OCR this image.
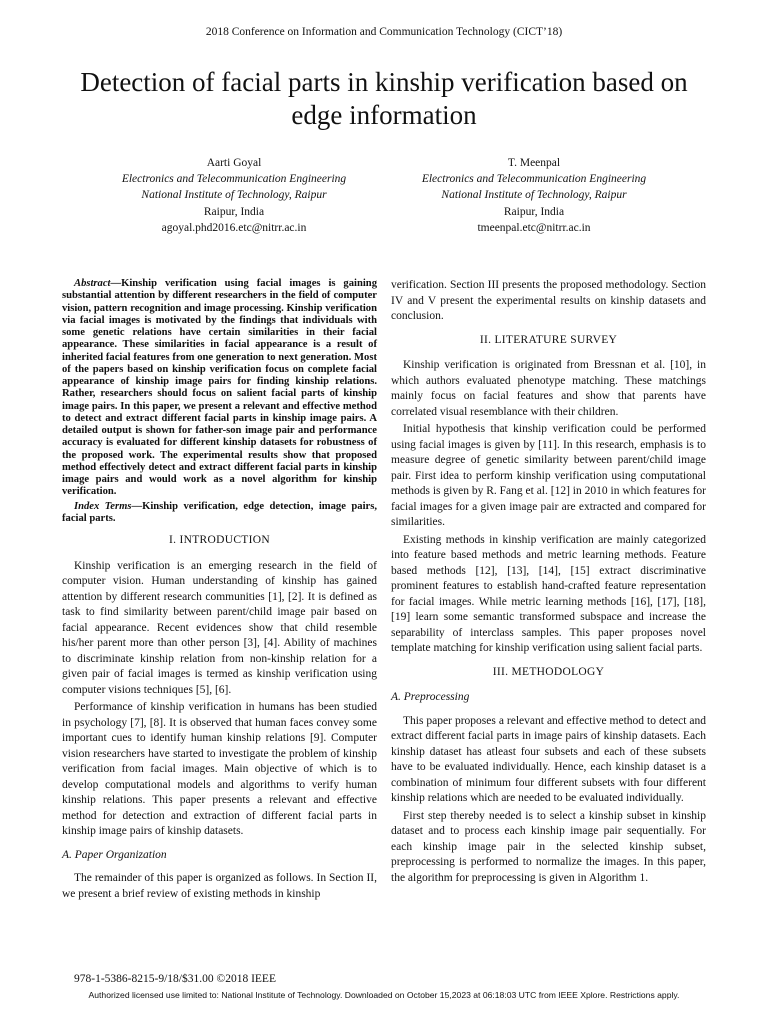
2018 Conference on Information and Communication Technology (CICT’18)
Detection of facial parts in kinship verification based on edge information
Aarti Goyal
Electronics and Telecommunication Engineering
National Institute of Technology, Raipur
Raipur, India
agoyal.phd2016.etc@nitrr.ac.in
T. Meenpal
Electronics and Telecommunication Engineering
National Institute of Technology, Raipur
Raipur, India
tmeenpal.etc@nitrr.ac.in

Abstract—Kinship verification using facial images is gaining substantial attention by different researchers in the field of computer vision, pattern recognition and image processing. Kinship verification via facial images is motivated by the findings that individuals with some genetic relations have certain similarities in their facial appearance. These similarities in facial appearance is a result of inherited facial features from one generation to next generation. Most of the papers based on kinship verification focus on complete facial appearance of kinship image pairs for finding kinship relations. Rather, researchers should focus on salient facial parts of kinship image pairs. In this paper, we present a relevant and effective method to detect and extract different facial parts in kinship image pairs. A detailed output is shown for father-son image pair and performance accuracy is evaluated for different kinship datasets for robustness of the proposed work. The experimental results show that proposed method effectively detect and extract different facial parts in kinship image pairs and would work as a novel algorithm for kinship verification.

Index Terms—Kinship verification, edge detection, image pairs, facial parts.

I. INTRODUCTION

Kinship verification is an emerging research in the field of computer vision. Human understanding of kinship has gained attention by different research communities [1], [2]. It is defined as task to find similarity between parent/child image pair based on facial appearance. Recent evidences show that child resemble his/her parent more than other person [3], [4]. Ability of machines to discriminate kinship relation from non-kinship relation for a given pair of facial images is termed as kinship verification using computer visions techniques [5], [6].

Performance of kinship verification in humans has been studied in psychology [7], [8]. It is observed that human faces convey some important cues to identify human kinship relations [9]. Computer vision researchers have started to investigate the problem of kinship verification from facial images. Main objective of which is to develop computational models and algorithms to verify human kinship relations. This paper presents a relevant and effective method for detection and extraction of different facial parts in kinship image pairs of kinship datasets.

A. Paper Organization

The remainder of this paper is organized as follows. In Section II, we present a brief review of existing methods in kinship

verification. Section III presents the proposed methodology. Section IV and V present the experimental results on kinship datasets and conclusion.

II. LITERATURE SURVEY

Kinship verification is originated from Bressnan et al. [10], in which authors evaluated phenotype matching. These matchings mainly focus on facial features and show that parents have correlated visual resemblance with their children.

Initial hypothesis that kinship verification could be performed using facial images is given by [11]. In this research, emphasis is to measure degree of genetic similarity between parent/child image pair. First idea to perform kinship verification using computational methods is given by R. Fang et al. [12] in 2010 in which features for facial images for a given image pair are extracted and compared for similarities.

Existing methods in kinship verification are mainly categorized into feature based methods and metric learning methods. Feature based methods [12], [13], [14], [15] extract discriminative prominent features to establish hand-crafted feature representation for facial images. While metric learning methods [16], [17], [18], [19] learn some semantic transformed subspace and increase the separability of interclass samples. This paper proposes novel template matching for kinship verification using salient facial parts.

III. METHODOLOGY
A. Preprocessing

This paper proposes a relevant and effective method to detect and extract different facial parts in image pairs of kinship datasets. Each kinship dataset has atleast four subsets and each of these subsets have to be evaluated individually. Hence, each kinship dataset is a combination of minimum four different subsets with four different kinship relations which are needed to be evaluated individually.

First step thereby needed is to select a kinship subset in kinship dataset and to process each kinship image pair sequentially. For each kinship image pair in the selected kinship subset, preprocessing is performed to normalize the images. In this paper, the algorithm for preprocessing is given in Algorithm 1.

978-1-5386-8215-9/18/$31.00 ©2018 IEEE
Authorized licensed use limited to: National Institute of Technology. Downloaded on October 15,2023 at 06:18:03 UTC from IEEE Xplore. Restrictions apply.
